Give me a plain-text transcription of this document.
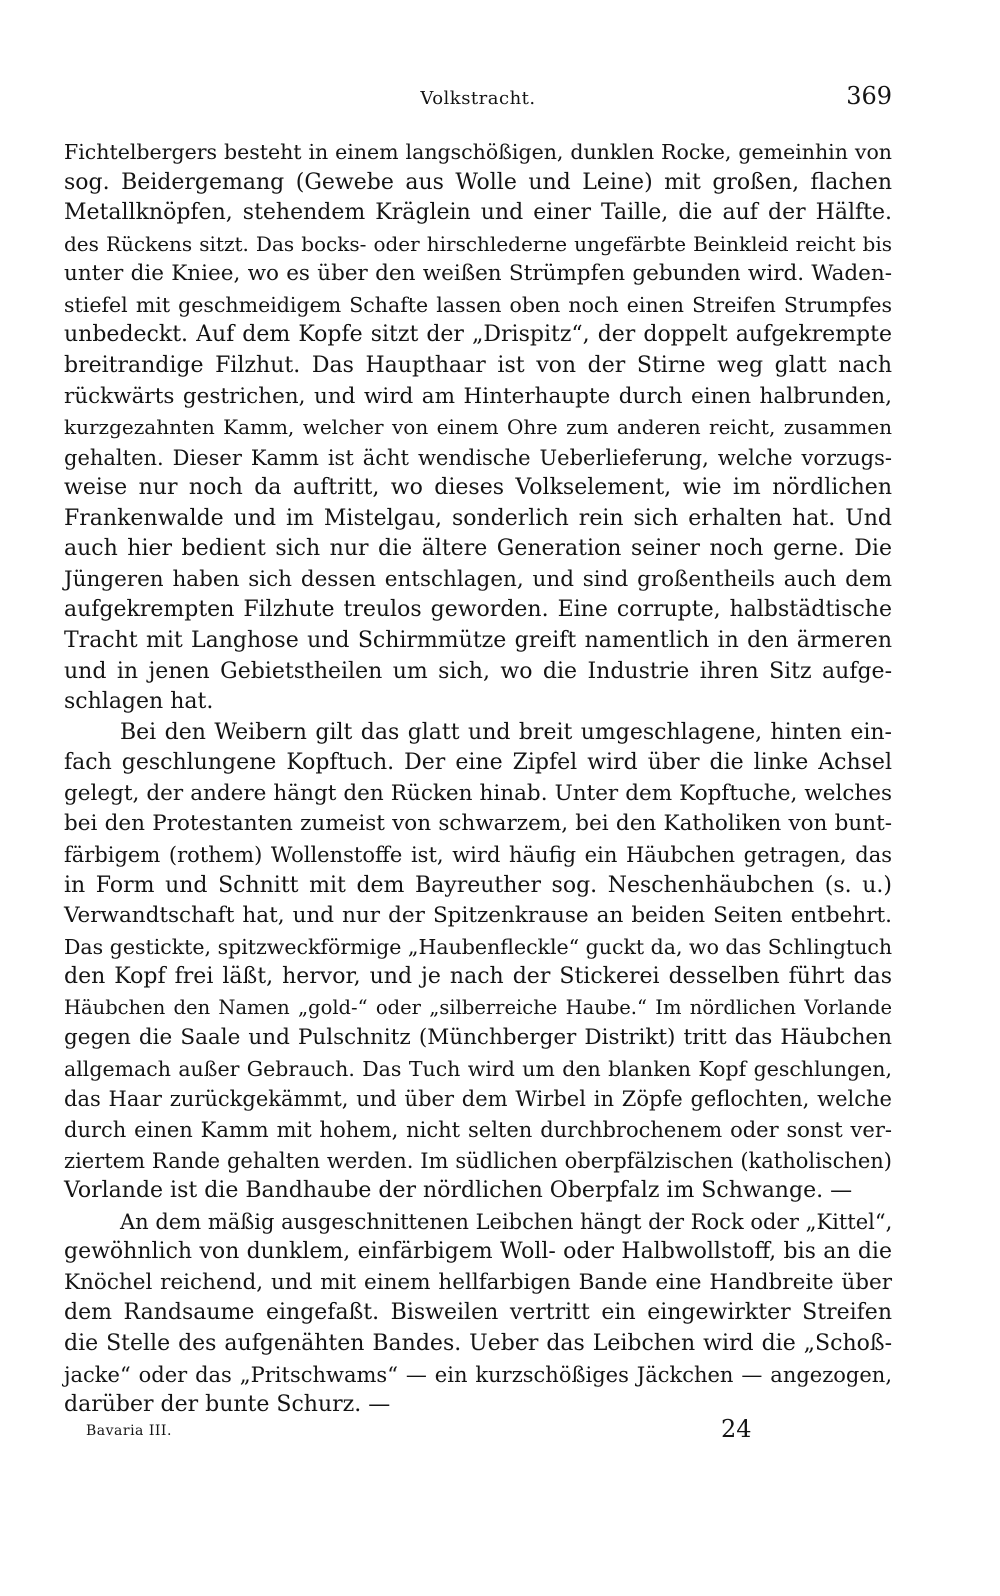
Volkstracht.	369
Fichtelbergers besteht in einem langschößigen, dunklen Rocke, gemeinhin von
sog. Beidergemang (Gewebe aus Wolle und Leine) mit großen, flachen
Metallknöpfen, stehendem Kräglein und einer Taille, die auf der Hälfte.
des Rückens sitzt. Das bocks- oder hirschlederne ungefärbte Beinkleid reicht bis
unter die Kniee, wo es über den weißen Strümpfen gebunden wird. Waden-
stiefel mit geschmeidigem Schafte lassen oben noch einen Streifen Strumpfes
unbedeckt. Auf dem Kopfe sitzt der „Drispitz“, der doppelt aufgekrempte
breitrandige Filzhut. Das Haupthaar ist von der Stirne weg glatt nach
rückwärts gestrichen, und wird am Hinterhaupte durch einen halbrunden,
kurzgezahnten Kamm, welcher von einem Ohre zum anderen reicht, zusammen
gehalten. Dieser Kamm ist ächt wendische Ueberlieferung, welche vorzugs-
weise nur noch da auftritt, wo dieses Volkselement, wie im nördlichen
Frankenwalde und im Mistelgau, sonderlich rein sich erhalten hat. Und
auch hier bedient sich nur die ältere Generation seiner noch gerne. Die
Jüngeren haben sich dessen entschlagen, und sind großentheils auch dem
aufgekrempten Filzhute treulos geworden. Eine corrupte, halbstädtische
Tracht mit Langhose und Schirmmütze greift namentlich in den ärmeren
und in jenen Gebietstheilen um sich, wo die Industrie ihren Sitz aufge-
schlagen hat.
Bei den Weibern gilt das glatt und breit umgeschlagene, hinten ein-
fach geschlungene Kopftuch. Der eine Zipfel wird über die linke Achsel
gelegt, der andere hängt den Rücken hinab. Unter dem Kopftuche, welches
bei den Protestanten zumeist von schwarzem, bei den Katholiken von bunt-
färbigem (rothem) Wollenstoffe ist, wird häufig ein Häubchen getragen, das
in Form und Schnitt mit dem Bayreuther sog. Neschenhäubchen (s. u.)
Verwandtschaft hat, und nur der Spitzenkrause an beiden Seiten entbehrt.
Das gestickte, spitzweckförmige „Haubenfleckle“ guckt da, wo das Schlingtuch
den Kopf frei läßt, hervor, und je nach der Stickerei desselben führt das
Häubchen den Namen „gold-“ oder „silberreiche Haube.“ Im nördlichen Vorlande
gegen die Saale und Pulschnitz (Münchberger Distrikt) tritt das Häubchen
allgemach außer Gebrauch. Das Tuch wird um den blanken Kopf geschlungen,
das Haar zurückgekämmt, und über dem Wirbel in Zöpfe geflochten, welche
durch einen Kamm mit hohem, nicht selten durchbrochenem oder sonst ver-
ziertem Rande gehalten werden. Im südlichen oberpfälzischen (katholischen)
Vorlande ist die Bandhaube der nördlichen Oberpfalz im Schwange. —
An dem mäßig ausgeschnittenen Leibchen hängt der Rock oder „Kittel“,
gewöhnlich von dunklem, einfärbigem Woll- oder Halbwollstoff, bis an die
Knöchel reichend, und mit einem hellfarbigen Bande eine Handbreite über
dem Randsaume eingefaßt. Bisweilen vertritt ein eingewirkter Streifen
die Stelle des aufgenähten Bandes. Ueber das Leibchen wird die „Schoß-
jacke“ oder das „Pritschwams“ — ein kurzschößiges Jäckchen — angezogen,
darüber der bunte Schurz. —
Bavaria III.	24
